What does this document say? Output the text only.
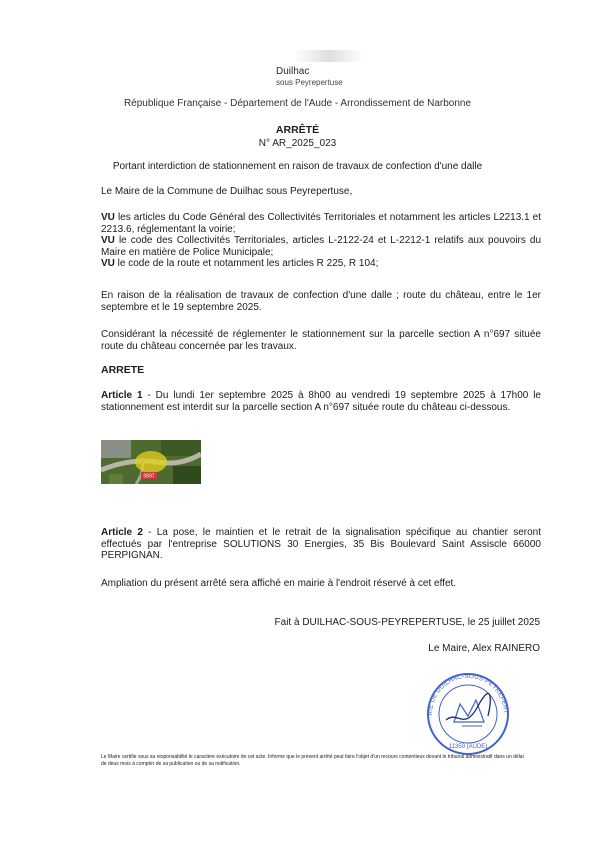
Duilhac
sous Peyrepertuse
République Française - Département de l'Aude - Arrondissement de Narbonne
ARRÊTÉ
N° AR_2025_023
Portant interdiction de stationnement en raison de travaux de confection d'une dalle
Le Maire de la Commune de Duilhac sous Peyrepertuse,
VU les articles du Code Général des Collectivités Territoriales et notamment les articles L2213.1 et 2213.6, réglementant la voirie;
VU le code des Collectivités Territoriales, articles L-2122-24 et L-2212-1 relatifs aux pouvoirs du Maire en matière de Police Municipale;
VU le code de la route et notamment les articles R 225, R 104;
En raison de la réalisation de travaux de confection d'une dalle ; route du château, entre le 1er septembre et le 19 septembre 2025.
Considérant la nécessité de réglementer le stationnement sur la parcelle section A n°697 située route du château concernée par les travaux.
ARRETE
Article 1 - Du lundi 1er septembre 2025 à 8h00 au vendredi 19 septembre 2025 à 17h00 le stationnement est interdit sur la parcelle section A n°697 située route du château ci-dessous.
0697
Article 2 - La pose, le maintien et le retrait de la signalisation spécifique au chantier seront effectués par l'entreprise SOLUTIONS 30 Energies, 35 Bis Boulevard Saint Assiscle 66000 PERPIGNAN.
Ampliation du présent arrêté sera affiché en mairie à l'endroit réservé à cet effet.
Fait à DUILHAC-SOUS-PEYREPERTUSE, le 25 juillet 2025
Le Maire, Alex RAINERO
RIE DE DUILHAC-SOUS-PEYREPERT
11350 (AUDE)
Le Maire certifie sous sa responsabilité le caractère exécutoire de cet acte. Informe que le présent arrêté peut faire l'objet d'un recours contentieux devant le tribunal administratif dans un délai de deux mois à compter de sa publication ou de sa notification.
